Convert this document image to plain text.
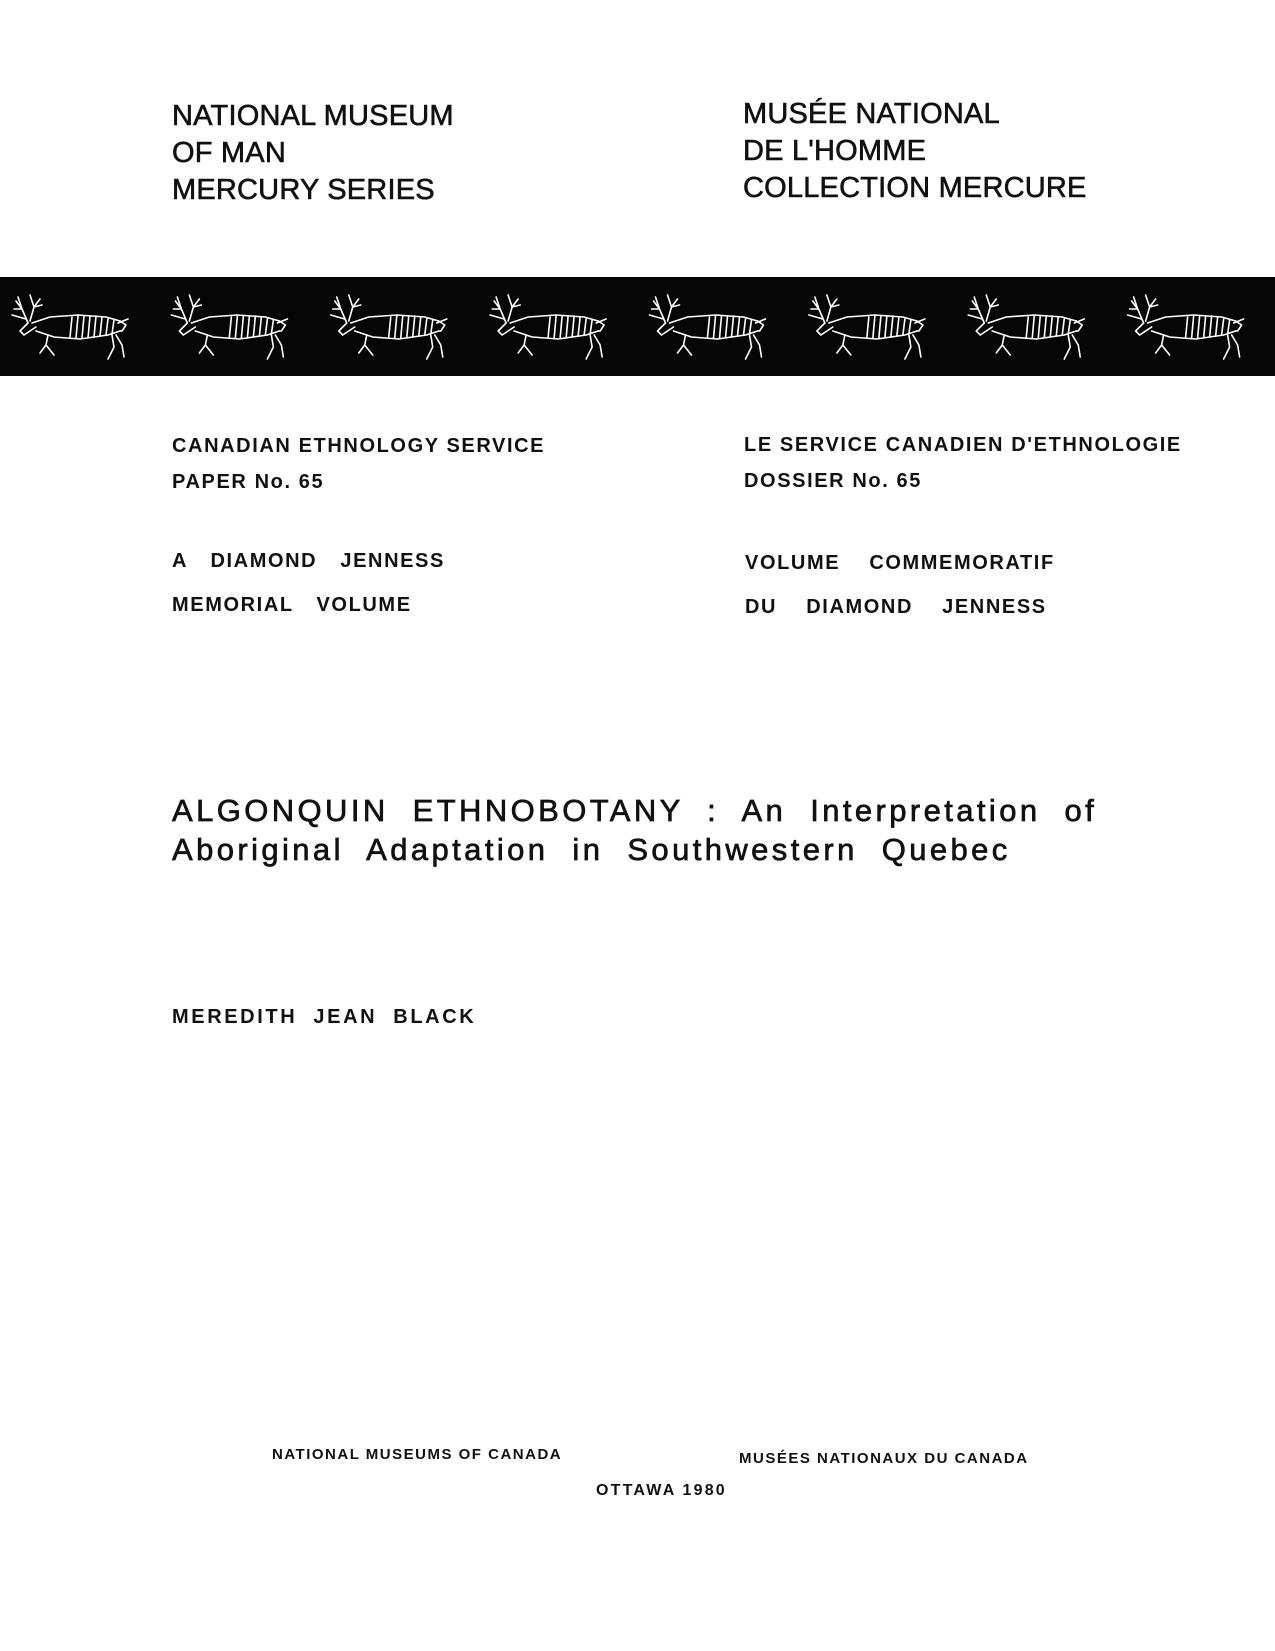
NATIONAL MUSEUM
OF MAN
MERCURY SERIES
MUSÉE NATIONAL
DE L'HOMME
COLLECTION MERCURE
CANADIAN ETHNOLOGY SERVICE
PAPER No. 65
LE SERVICE CANADIEN D'ETHNOLOGIE
DOSSIER No. 65
A DIAMOND JENNESS
MEMORIAL VOLUME
VOLUME COMMEMORATIF
DU DIAMOND JENNESS
ALGONQUIN ETHNOBOTANY : An Interpretation of
Aboriginal Adaptation in Southwestern Quebec
MEREDITH JEAN BLACK
NATIONAL MUSEUMS OF CANADA	MUSÉES NATIONAUX DU CANADA
OTTAWA 1980
